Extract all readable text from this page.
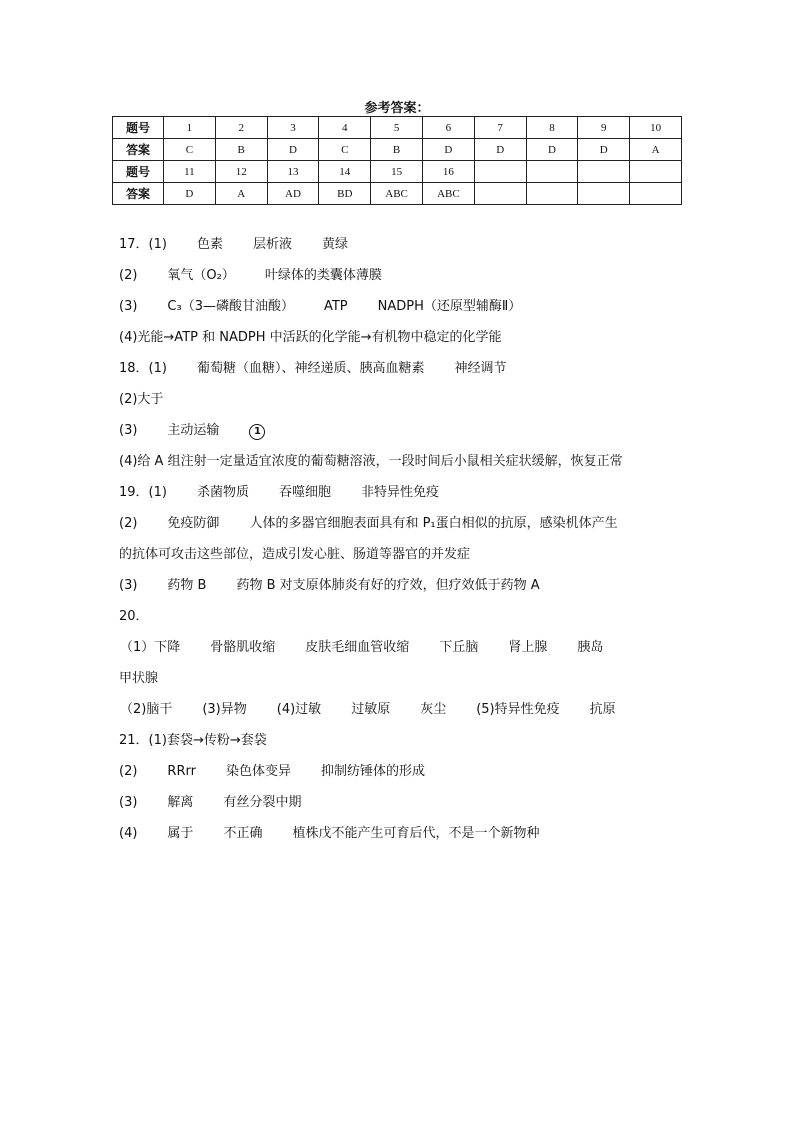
参考答案：
题号	1	2	3	4	5	6	7	8	9	10
答案	C	B	D	C	B	D	D	D	D	A
题号	11	12	13	14	15	16				
答案	D	A	AD	BD	ABC	ABC				
17．(1) 色素 层析液 黄绿
(2) 氧气（O₂） 叶绿体的类囊体薄膜
(3) C₃（3—磷酸甘油酸） ATP NADPH（还原型辅酶Ⅱ）
(4)光能→ATP 和 NADPH 中活跃的化学能→有机物中稳定的化学能
18．(1) 葡萄糖（血糖）、神经递质、胰高血糖素 神经调节
(2)大于
(3) 主动运输	1
(4)给 A 组注射一定量适宜浓度的葡萄糖溶液，一段时间后小鼠相关症状缓解，恢复正常
19．(1) 杀菌物质 吞噬细胞 非特异性免疫
(2) 免疫防御 人体的多器官细胞表面具有和 P₁蛋白相似的抗原，感染机体产生
的抗体可攻击这些部位，造成引发心脏、肠道等器官的并发症
(3) 药物 B 药物 B 对支原体肺炎有好的疗效，但疗效低于药物 A
20．
（1）下降 骨骼肌收缩 皮肤毛细血管收缩 下丘脑 肾上腺 胰岛
甲状腺
（2)脑干 (3)异物 (4)过敏 过敏原 灰尘 (5)特异性免疫 抗原
21．(1)套袋→传粉→套袋
(2) RRrr 染色体变异 抑制纺锤体的形成
(3) 解离 有丝分裂中期
(4) 属于 不正确 植株戊不能产生可育后代，不是一个新物种
